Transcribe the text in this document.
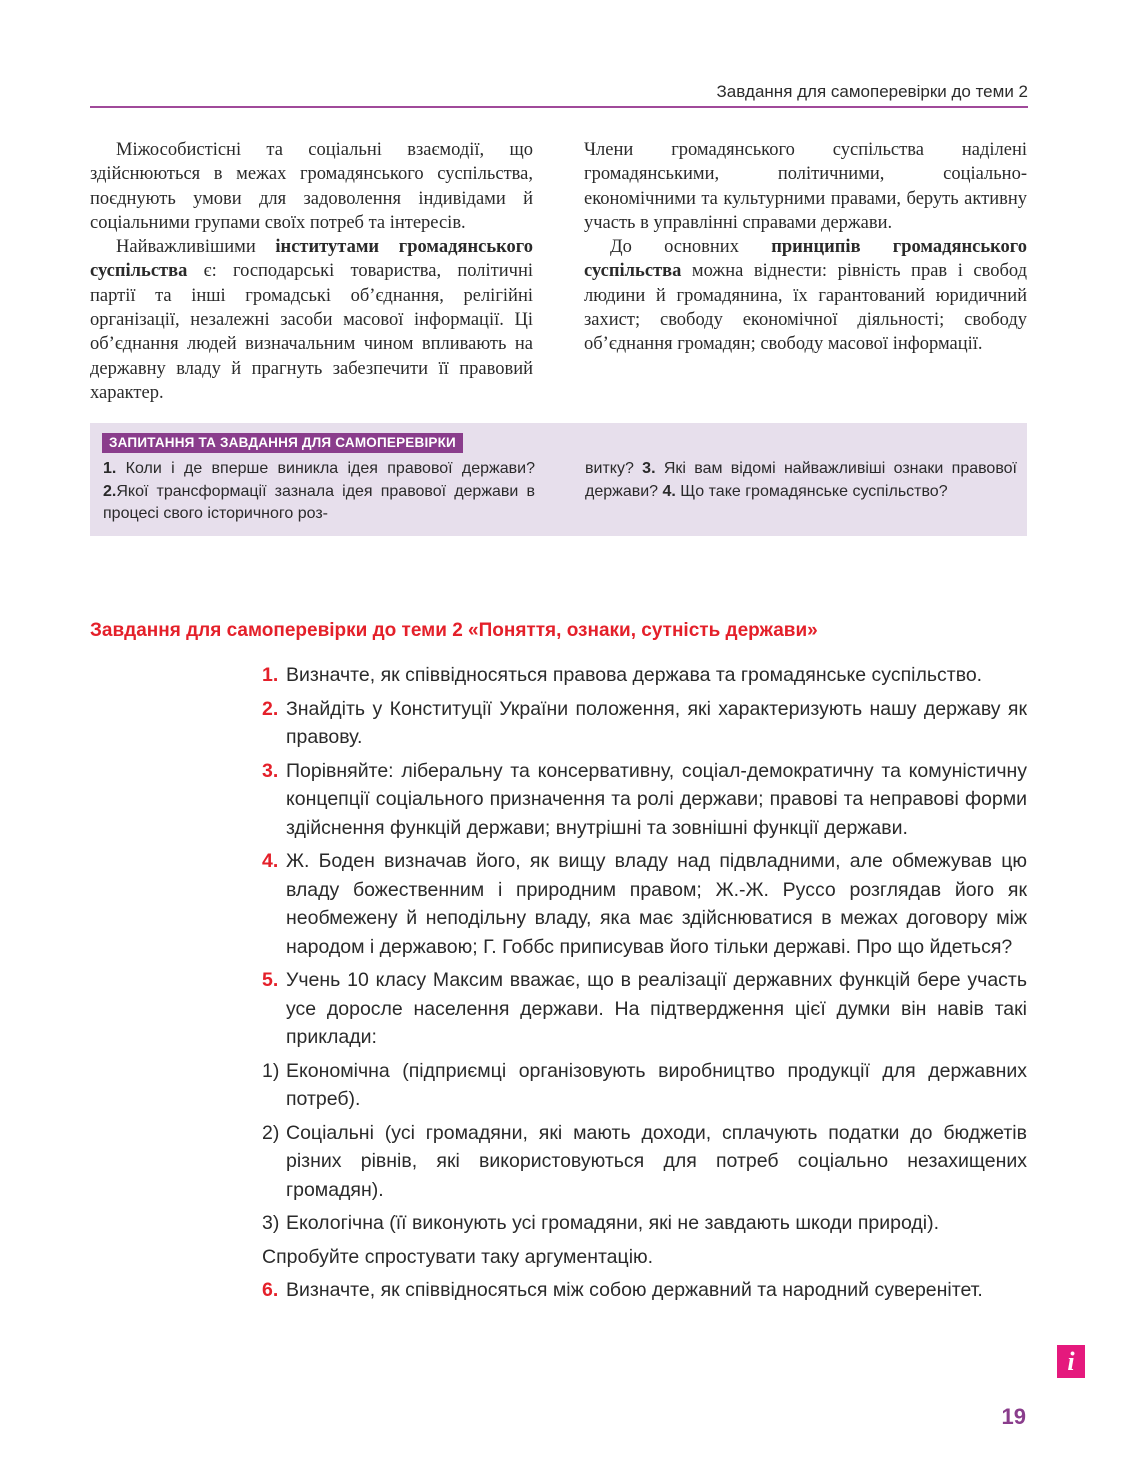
Завдання для самоперевірки до теми 2

Міжособистісні та соціальні взаємодії, що здійснюються в межах громадянського суспільства, поєднують умови для задоволення індивідами й соціальними групами своїх потреб та інтересів.

Найважливішими інститутами громадянського суспільства є: господарські товариства, політичні партії та інші громадські об’єднання, релігійні організації, незалежні засоби масової інформації. Ці об’єднання людей визначальним чином впливають на державну владу й прагнуть забезпечити її правовий характер.

Члени громадянського суспільства наділені громадянськими, політичними, соціально-економічними та культурними правами, беруть активну участь в управлінні справами держави.

До основних принципів громадянського суспільства можна віднести: рівність прав і свобод людини й громадянина, їх гарантований юридичний захист; свободу економічної діяльності; свободу об’єднання громадян; свободу масової інформації.

ЗАПИТАННЯ ТА ЗАВДАННЯ ДЛЯ САМОПЕРЕВІРКИ
1. Коли і де вперше виникла ідея правової держави? 2.Якої трансформації зазнала ідея правової держави в процесі свого історичного роз-
витку? 3. Які вам відомі найважливіші ознаки правової держави? 4. Що таке громадянське суспільство?
Завдання для самоперевірки до теми 2 «Поняття, ознаки, сутність держави»
1. Визначте, як співвідносяться правова держава та громадянське суспільство.
2. Знайдіть у Конституції України положення, які характеризують нашу державу як правову.
3. Порівняйте: ліберальну та консервативну, соціал-демократичну та комуністичну концепції соціального призначення та ролі держави; правові та неправові форми здійснення функцій держави; внутрішні та зовнішні функції держави.
4. Ж. Боден визначав його, як вищу владу над підвладними, але обмежував цю владу божественним і природним правом; Ж.-Ж. Руссо розглядав його як необмежену й неподільну владу, яка має здійснюватися в межах договору між народом і державою; Г. Гоббс приписував його тільки державі. Про що йдеться?
5. Учень 10 класу Максим вважає, що в реалізації державних функцій бере участь усе доросле населення держави. На підтвердження цієї думки він навів такі приклади:
1) Економічна (підприємці організовують виробництво продукції для державних потреб).
2) Соціальні (усі громадяни, які мають доходи, сплачують податки до бюджетів різних рівнів, які використовуються для потреб соціально незахищених громадян).
3) Екологічна (її виконують усі громадяни, які не завдають шкоди природі).
Спробуйте спростувати таку аргументацію.
6. Визначте, як співвідносяться між собою державний та народний суверенітет.
i
19
